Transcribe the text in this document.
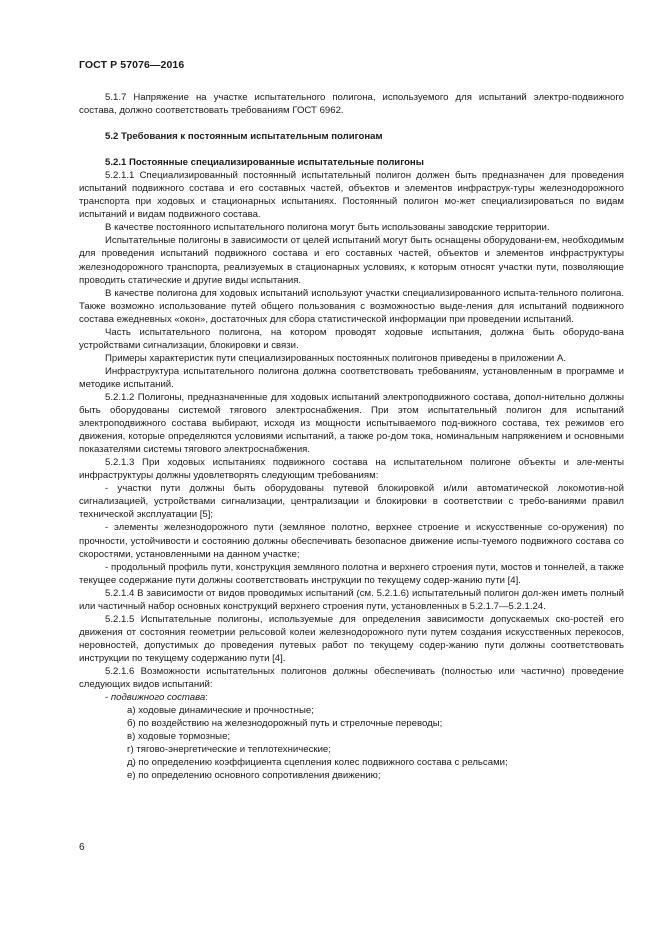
ГОСТ Р 57076—2016

5.1.7 Напряжение на участке испытательного полигона, используемого для испытаний электро-подвижного состава, должно соответствовать требованиям ГОСТ 6962.

5.2 Требования к постоянным испытательным полигонам

5.2.1 Постоянные специализированные испытательные полигоны

5.2.1.1 Специализированный постоянный испытательный полигон должен быть предназначен для проведения испытаний подвижного состава и его составных частей, объектов и элементов инфраструк-туры железнодорожного транспорта при ходовых и стационарных испытаниях. Постоянный полигон мо-жет специализироваться по видам испытаний и видам подвижного состава.

В качестве постоянного испытательного полигона могут быть использованы заводские территории.

Испытательные полигоны в зависимости от целей испытаний могут быть оснащены оборудовани-ем, необходимым для проведения испытаний подвижного состава и его составных частей, объектов и элементов инфраструктуры железнодорожного транспорта, реализуемых в стационарных условиях, к которым относят участки пути, позволяющие проводить статические и другие виды испытания.

В качестве полигона для ходовых испытаний используют участки специализированного испыта-тельного полигона. Также возможно использование путей общего пользования с возможностью выде-ления для испытаний подвижного состава ежедневных «окон», достаточных для сбора статистической информации при проведении испытаний.

Часть испытательного полигона, на котором проводят ходовые испытания, должна быть оборудо-вана устройствами сигнализации, блокировки и связи.

Примеры характеристик пути специализированных постоянных полигонов приведены в приложении А.

Инфраструктура испытательного полигона должна соответствовать требованиям, установленным в программе и методике испытаний.

5.2.1.2 Полигоны, предназначенные для ходовых испытаний электроподвижного состава, допол-нительно должны быть оборудованы системой тягового электроснабжения. При этом испытательный полигон для испытаний электроподвижного состава выбирают, исходя из мощности испытываемого под-вижного состава, тех режимов его движения, которые определяются условиями испытаний, а также ро-дом тока, номинальным напряжением и основными показателями системы тягового электроснабжения.

5.2.1.3 При ходовых испытаниях подвижного состава на испытательном полигоне объекты и эле-менты инфраструктуры должны удовлетворять следующим требованиям:

- участки пути должны быть оборудованы путевой блокировкой и/или автоматической локомотив-ной сигнализацией, устройствами сигнализации, централизации и блокировки в соответствии с требо-ваниями правил технической эксплуатации [5];

- элементы железнодорожного пути (земляное полотно, верхнее строение и искусственные со-оружения) по прочности, устойчивости и состоянию должны обеспечивать безопасное движение испы-туемого подвижного состава со скоростями, установленными на данном участке;

- продольный профиль пути, конструкция земляного полотна и верхнего строения пути, мостов и тоннелей, а также текущее содержание пути должны соответствовать инструкции по текущему содер-жанию пути [4].

5.2.1.4 В зависимости от видов проводимых испытаний (см. 5.2.1.6) испытательный полигон дол-жен иметь полный или частичный набор основных конструкций верхнего строения пути, установленных в 5.2.1.7—5.2.1.24.

5.2.1.5 Испытательные полигоны, используемые для определения зависимости допускаемых ско-ростей его движения от состояния геометрии рельсовой колеи железнодорожного пути путем создания искусственных перекосов, неровностей, допустимых до проведения путевых работ по текущему содер-жанию пути должны соответствовать инструкции по текущему содержанию пути [4].

5.2.1.6 Возможности испытательных полигонов должны обеспечивать (полностью или частично) проведение следующих видов испытаний:

- подвижного состава:

а) ходовые динамические и прочностные;

б) по воздействию на железнодорожный путь и стрелочные переводы;

в) ходовые тормозные;

г) тягово-энергетические и теплотехнические;

д) по определению коэффициента сцепления колес подвижного состава с рельсами;

е) по определению основного сопротивления движению;

6
